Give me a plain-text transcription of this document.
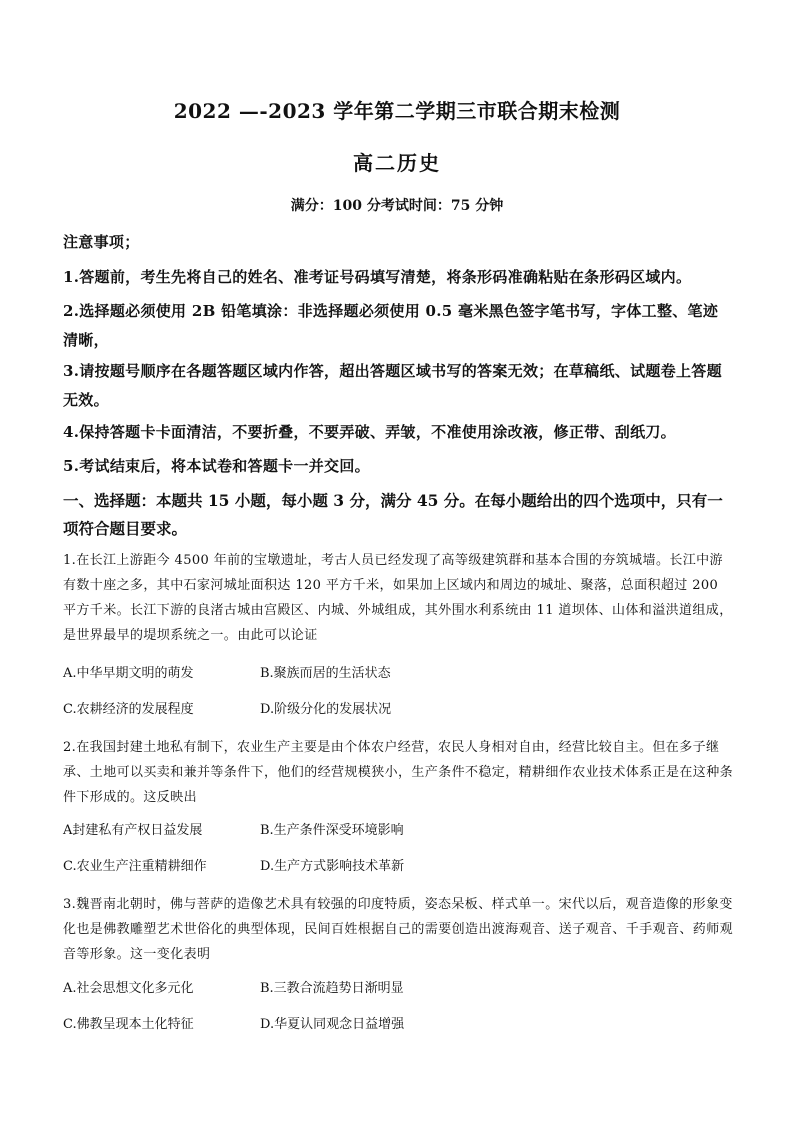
2022 —-2023 学年第二学期三市联合期末检测
高二历史
满分：100 分考试时间：75 分钟
注意事项；
1.答题前，考生先将自己的姓名、准考证号码填写清楚，将条形码准确粘贴在条形码区域内。
2.选择题必须使用 2B 铅笔填涂：非选择题必须使用 0.5 毫米黑色签字笔书写，字体工整、笔迹清晰，
3.请按题号顺序在各题答题区域内作答，超出答题区域书写的答案无效；在草稿纸、试题卷上答题无效。
4.保持答题卡卡面清洁，不要折叠，不要弄破、弄皱，不准使用涂改液，修正带、刮纸刀。
5.考试结束后，将本试卷和答题卡一并交回。
一、选择题：本题共 15 小题，每小题 3 分，满分 45 分。在每小题给出的四个选项中，只有一项符合题目要求。
1.在长江上游距今 4500 年前的宝墩遗址，考古人员已经发现了高等级建筑群和基本合围的夯筑城墙。长江中游有数十座之多，其中石家河城址面积达 120 平方千米，如果加上区域内和周边的城址、聚落，总面积超过 200 平方千米。长江下游的良渚古城由宫殿区、内城、外城组成，其外围水利系统由 11 道坝体、山体和溢洪道组成，是世界最早的堤坝系统之一。由此可以论证
A.中华早期文明的萌发	B.聚族而居的生活状态
C.农耕经济的发展程度	D.阶级分化的发展状况
2.在我国封建土地私有制下，农业生产主要是由个体农户经营，农民人身相对自由，经营比较自主。但在多子继承、土地可以买卖和兼并等条件下，他们的经营规模狭小，生产条件不稳定，精耕细作农业技术体系正是在这种条件下形成的。这反映出
A封建私有产权日益发展	B.生产条件深受环境影响
C.农业生产注重精耕细作	D.生产方式影响技术革新
3.魏晋南北朝时，佛与菩萨的造像艺术具有较强的印度特质，姿态呆板、样式单一。宋代以后，观音造像的形象变化也是佛教雕塑艺术世俗化的典型体现，民间百姓根据自己的需要创造出渡海观音、送子观音、千手观音、药师观音等形象。这一变化表明
A.社会思想文化多元化	B.三教合流趋势日渐明显
C.佛教呈现本土化特征	D.华夏认同观念日益增强
